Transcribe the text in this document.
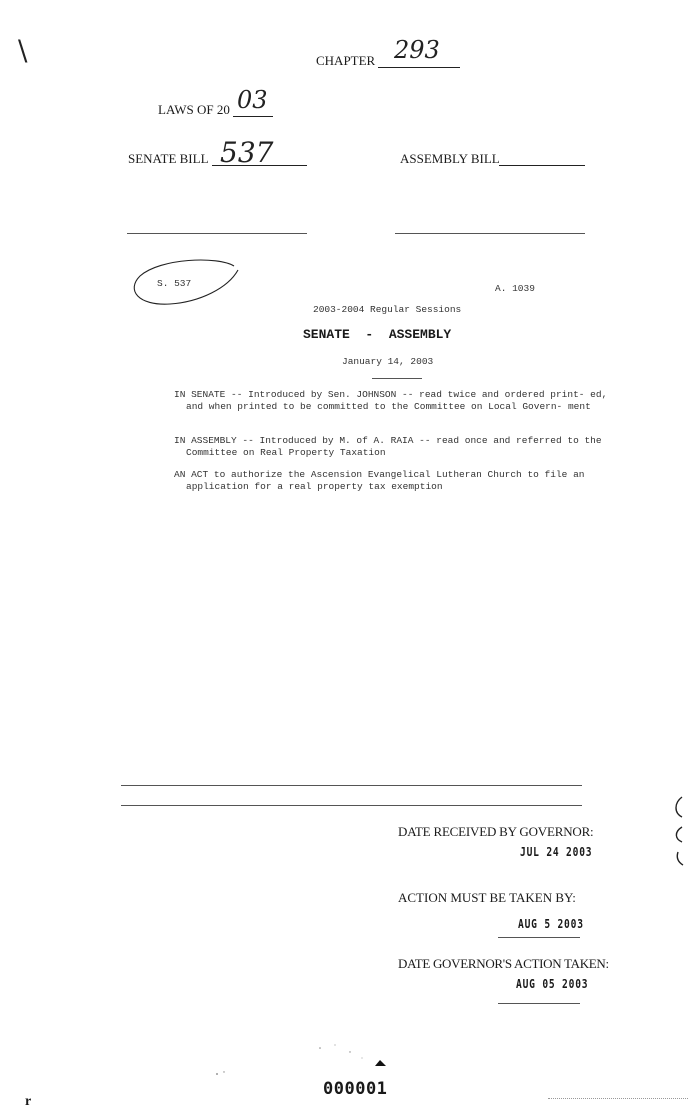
\	CHAPTER 293
LAWS OF 20 03
SENATE BILL 537	ASSEMBLY BILL
S. 537	A. 1039
2003-2004 Regular Sessions
SENATE  -  ASSEMBLY
January 14, 2003
IN SENATE -- Introduced by Sen. JOHNSON -- read twice and ordered print- ed, and when printed to be committed to the Committee on Local Govern- ment
IN ASSEMBLY -- Introduced by M. of A. RAIA -- read once and referred to the Committee on Real Property Taxation
AN ACT to authorize the Ascension Evangelical Lutheran Church to file an application for a real property tax exemption
DATE RECEIVED BY GOVERNOR:
JUL 24 2003
ACTION MUST BE TAKEN BY:
AUG 5 2003
DATE GOVERNOR'S ACTION TAKEN:
AUG 05 2003
000001
r
